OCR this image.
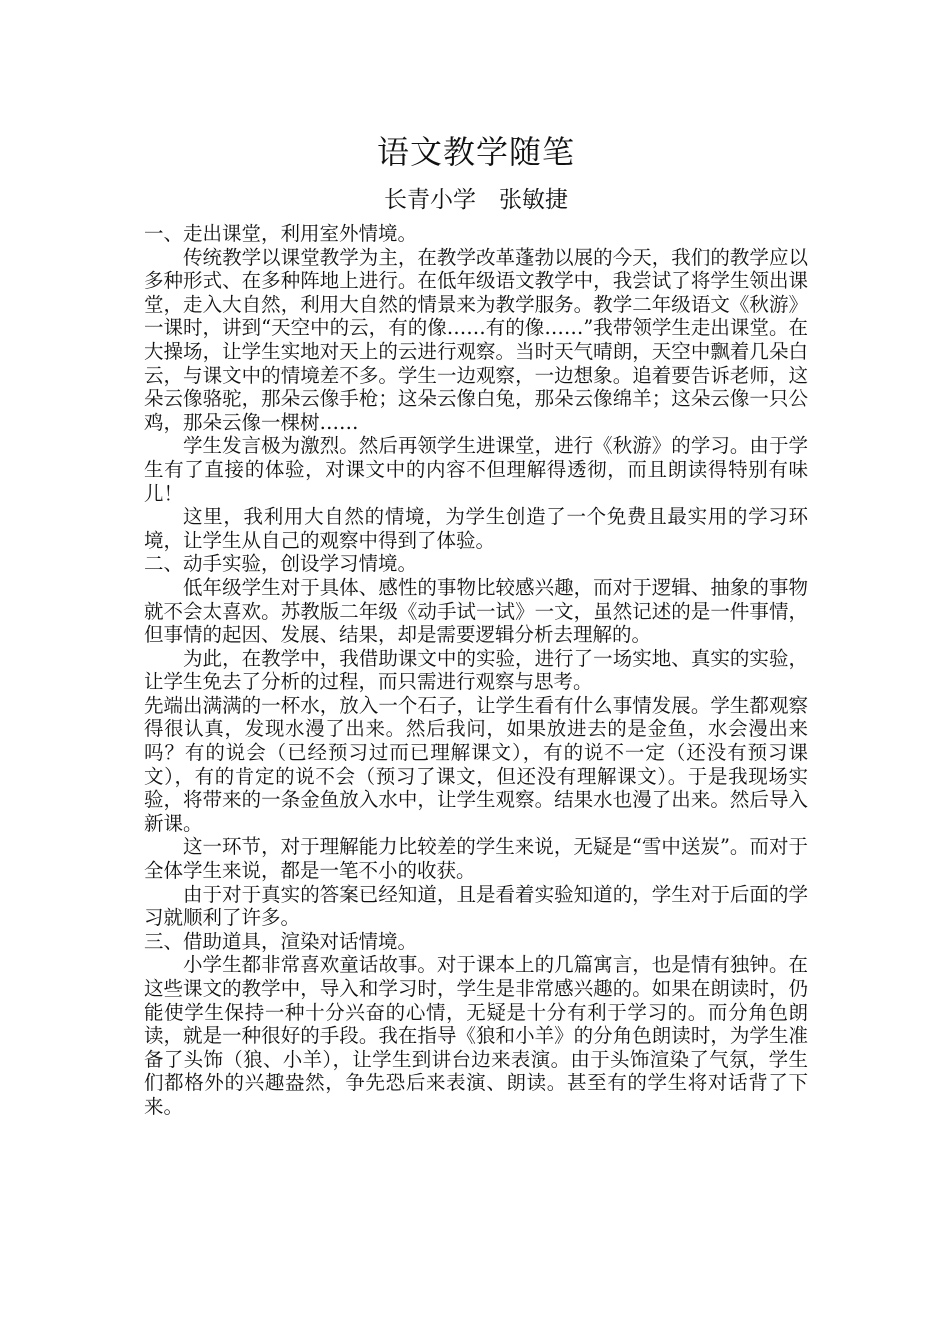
语文教学随笔
长青小学　张敏捷

一、走出课堂，利用室外情境。

传统教学以课堂教学为主，在教学改革蓬勃以展的今天，我们的教学应以多种形式、在多种阵地上进行。在低年级语文教学中，我尝试了将学生领出课堂，走入大自然，利用大自然的情景来为教学服务。教学二年级语文《秋游》一课时，讲到“天空中的云，有的像……有的像……”我带领学生走出课堂。在大操场，让学生实地对天上的云进行观察。当时天气晴朗，天空中飘着几朵白云，与课文中的情境差不多。学生一边观察，一边想象。追着要告诉老师，这朵云像骆驼，那朵云像手枪；这朵云像白兔，那朵云像绵羊；这朵云像一只公鸡，那朵云像一棵树……

学生发言极为激烈。然后再领学生进课堂，进行《秋游》的学习。由于学生有了直接的体验，对课文中的内容不但理解得透彻，而且朗读得特别有味儿！

这里，我利用大自然的情境，为学生创造了一个免费且最实用的学习环境，让学生从自己的观察中得到了体验。

二、动手实验，创设学习情境。

低年级学生对于具体、感性的事物比较感兴趣，而对于逻辑、抽象的事物就不会太喜欢。苏教版二年级《动手试一试》一文，虽然记述的是一件事情，但事情的起因、发展、结果，却是需要逻辑分析去理解的。

为此，在教学中，我借助课文中的实验，进行了一场实地、真实的实验，让学生免去了分析的过程，而只需进行观察与思考。

先端出满满的一杯水，放入一个石子，让学生看有什么事情发展。学生都观察得很认真，发现水漫了出来。然后我问，如果放进去的是金鱼，水会漫出来吗？有的说会（已经预习过而已理解课文），有的说不一定（还没有预习课文），有的肯定的说不会（预习了课文，但还没有理解课文）。于是我现场实验，将带来的一条金鱼放入水中，让学生观察。结果水也漫了出来。然后导入新课。

这一环节，对于理解能力比较差的学生来说，无疑是“雪中送炭”。而对于全体学生来说，都是一笔不小的收获。

由于对于真实的答案已经知道，且是看着实验知道的，学生对于后面的学习就顺利了许多。

三、借助道具，渲染对话情境。

小学生都非常喜欢童话故事。对于课本上的几篇寓言，也是情有独钟。在这些课文的教学中，导入和学习时，学生是非常感兴趣的。如果在朗读时，仍能使学生保持一种十分兴奋的心情，无疑是十分有利于学习的。而分角色朗读，就是一种很好的手段。我在指导《狼和小羊》的分角色朗读时，为学生准备了头饰（狼、小羊），让学生到讲台边来表演。由于头饰渲染了气氛，学生们都格外的兴趣盎然，争先恐后来表演、朗读。甚至有的学生将对话背了下来。
